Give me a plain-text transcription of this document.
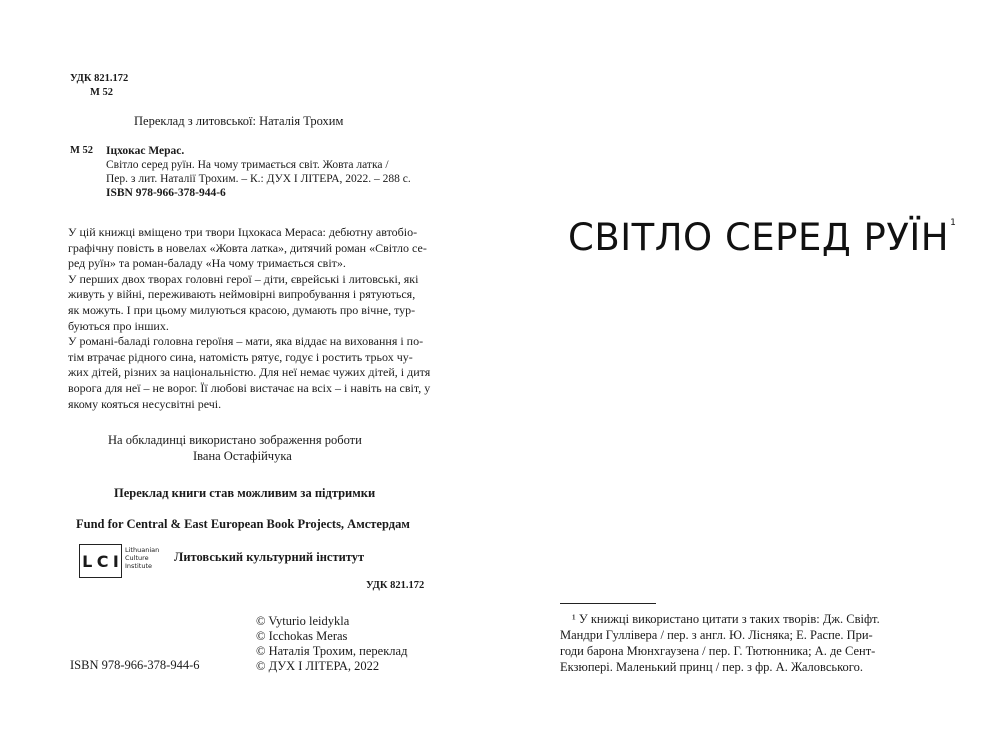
УДК 821.172
М 52
Переклад з литовської: Наталія Трохим
М 52 Іцхокас Мерас.
Світло серед руїн. На чому тримається світ. Жовта латка /
Пер. з лит. Наталії Трохим. – К.: ДУХ І ЛІТЕРА, 2022. – 288 с.
ISBN 978-966-378-944-6
У цій книжці вміщено три твори Іцхокаса Мераса: дебютну автобіо-
графічну повість в новелах «Жовта латка», дитячий роман «Світло се-
ред руїн» та роман-баладу «На чому тримається світ».
У перших двох творах головні герої – діти, єврейські і литовські, які
живуть у війні, переживають неймовірні випробування і рятуються,
як можуть. І при цьому милуються красою, думають про вічне, тур-
буються про інших.
У романі-баладі головна героїня – мати, яка віддає на виховання і по-
тім втрачає рідного сина, натомість рятує, годує і ростить трьох чу-
жих дітей, різних за національністю. Для неї немає чужих дітей, і дитя
ворога для неї – не ворог. Її любові вистачає на всіх – і навіть на світ, у
якому кояться несусвітні речі.
На обкладинці використано зображення роботи
Івана Остафійчука
Переклад книги став можливим за підтримки
Fund for Central & East European Book Projects, Амстердам
L C I
Lithuanian
Culture
Institute
Литовський культурний інститут
УДК 821.172
© Vyturio leidykla
© Icchokas Meras
© Наталія Трохим, переклад
© ДУХ І ЛІТЕРА, 2022
ISBN 978-966-378-944-6
СВІТЛО СЕРЕД РУЇН$^1$
¹ У книжці використано цитати з таких творів: Дж. Свіфт.
Мандри Гуллівера / пер. з англ. Ю. Лісняка; Е. Распе. При-
годи барона Мюнхгаузена / пер. Г. Тютюнника; А. де Сент-
Екзюпері. Маленький принц / пер. з фр. А. Жаловського.
